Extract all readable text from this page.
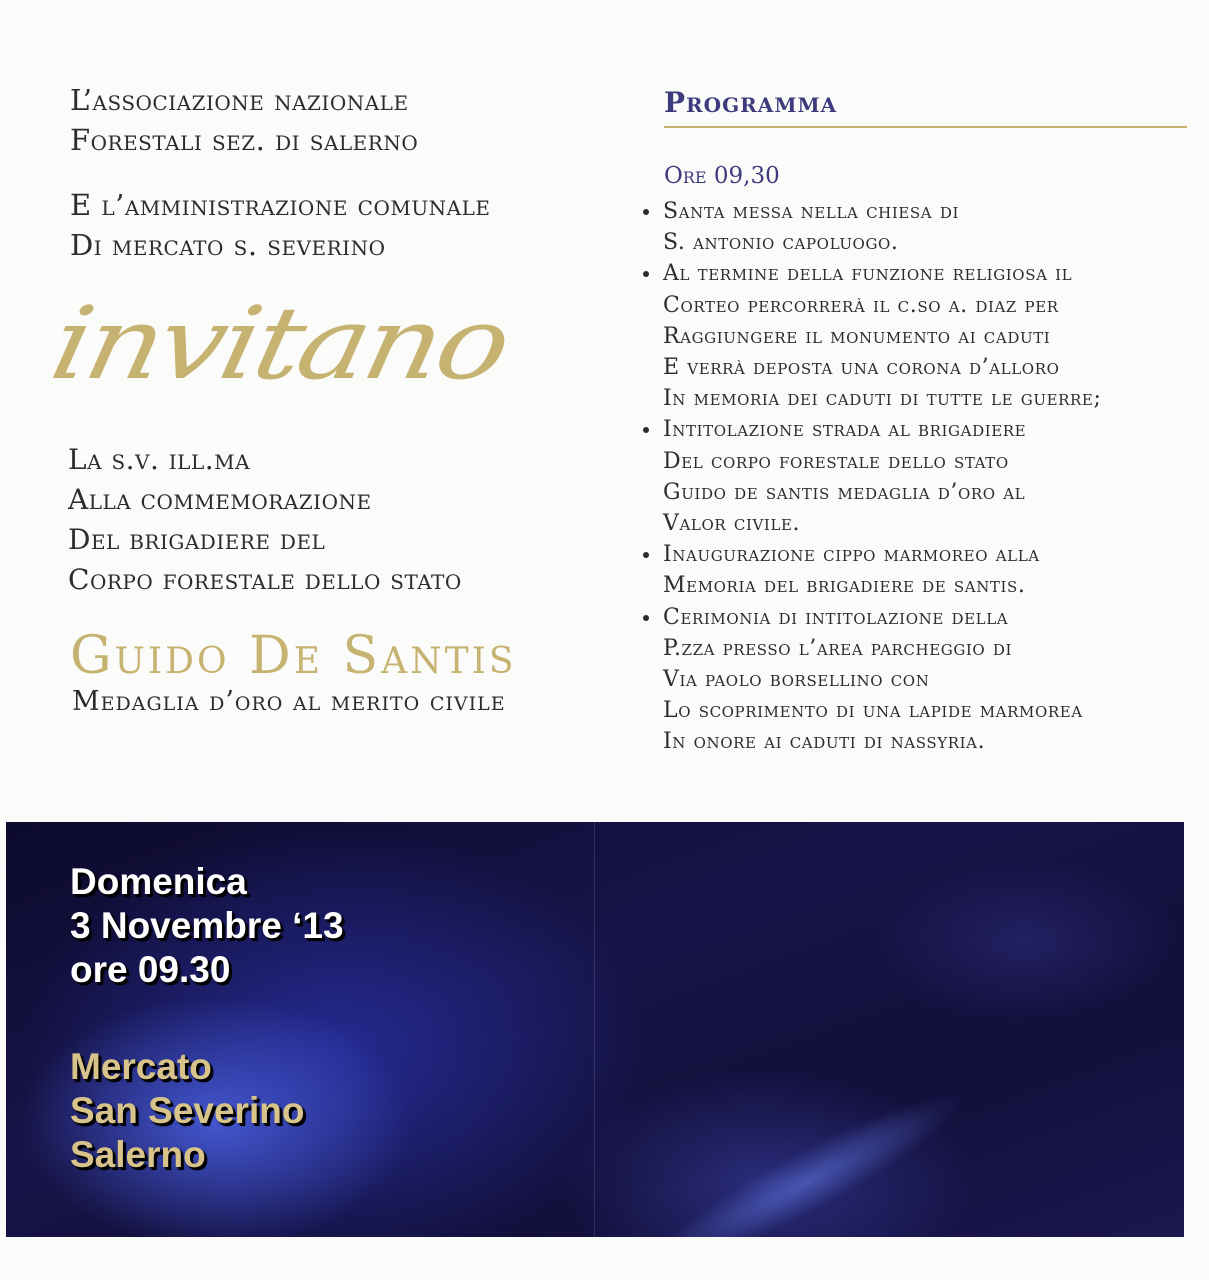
L’associazione nazionale
Forestali sez. di salerno
E l’amministrazione comunale
Di mercato s. severino
invitano
La s.v. ill.ma
Alla commemorazione
Del brigadiere del
Corpo forestale dello stato
Guido De Santis
Medaglia d’oro al merito civile
Programma
Ore 09,30
Santa messa nella chiesa di
S. antonio capoluogo.
Al termine della funzione religiosa il
Corteo percorrerà il c.so a. diaz per
Raggiungere il monumento ai caduti
E verrà deposta una corona d’alloro
In memoria dei caduti di tutte le guerre;
Intitolazione strada al brigadiere
Del corpo forestale dello stato
Guido de santis medaglia d’oro al
Valor civile.
Inaugurazione cippo marmoreo alla
Memoria del brigadiere de santis.
Cerimonia di intitolazione della
P.zza presso l’area parcheggio di
Via paolo borsellino con
Lo scoprimento di una lapide marmorea
In onore ai caduti di nassyria.
Domenica
3 Novembre ‘13
ore 09.30
Mercato
San Severino
Salerno
